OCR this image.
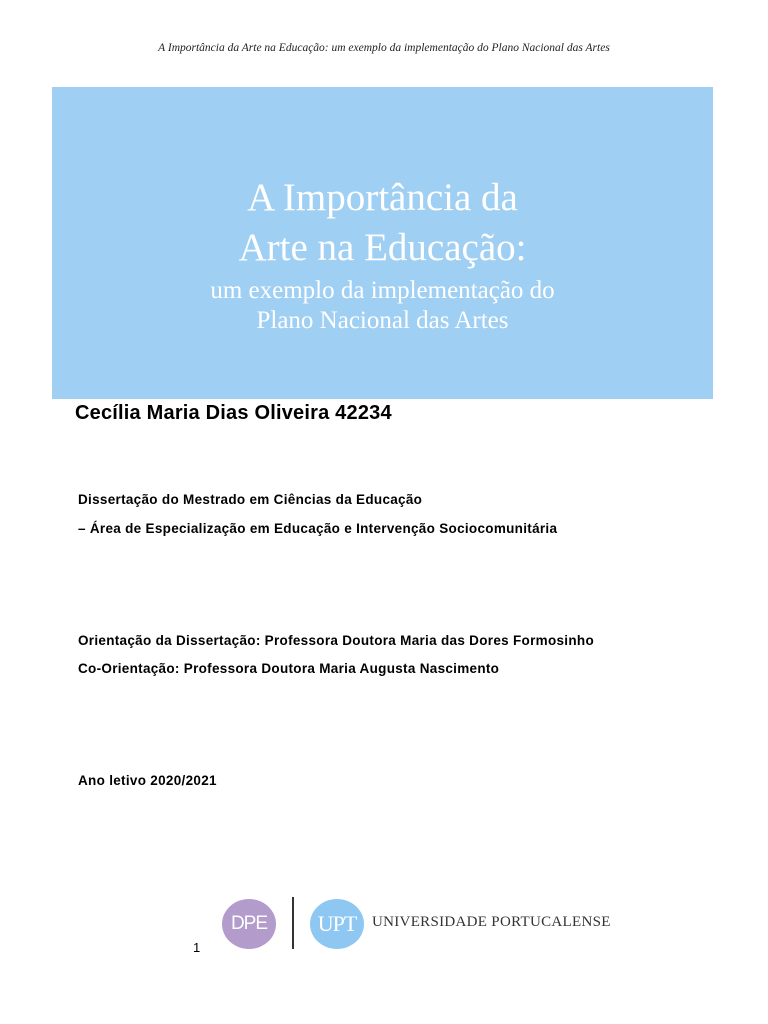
A Importância da Arte na Educação: um exemplo da implementação do Plano Nacional das Artes
A Importância da
Arte na Educação:
um exemplo da implementação do
Plano Nacional das Artes
Cecília Maria Dias Oliveira 42234
Dissertação do Mestrado em Ciências da Educação
– Área de Especialização em Educação e Intervenção Sociocomunitária
Orientação da Dissertação: Professora Doutora Maria das Dores Formosinho
Co-Orientação: Professora Doutora Maria Augusta Nascimento
Ano letivo 2020/2021
DPE	UPT	UNIVERSIDADE PORTUCALENSE
1
